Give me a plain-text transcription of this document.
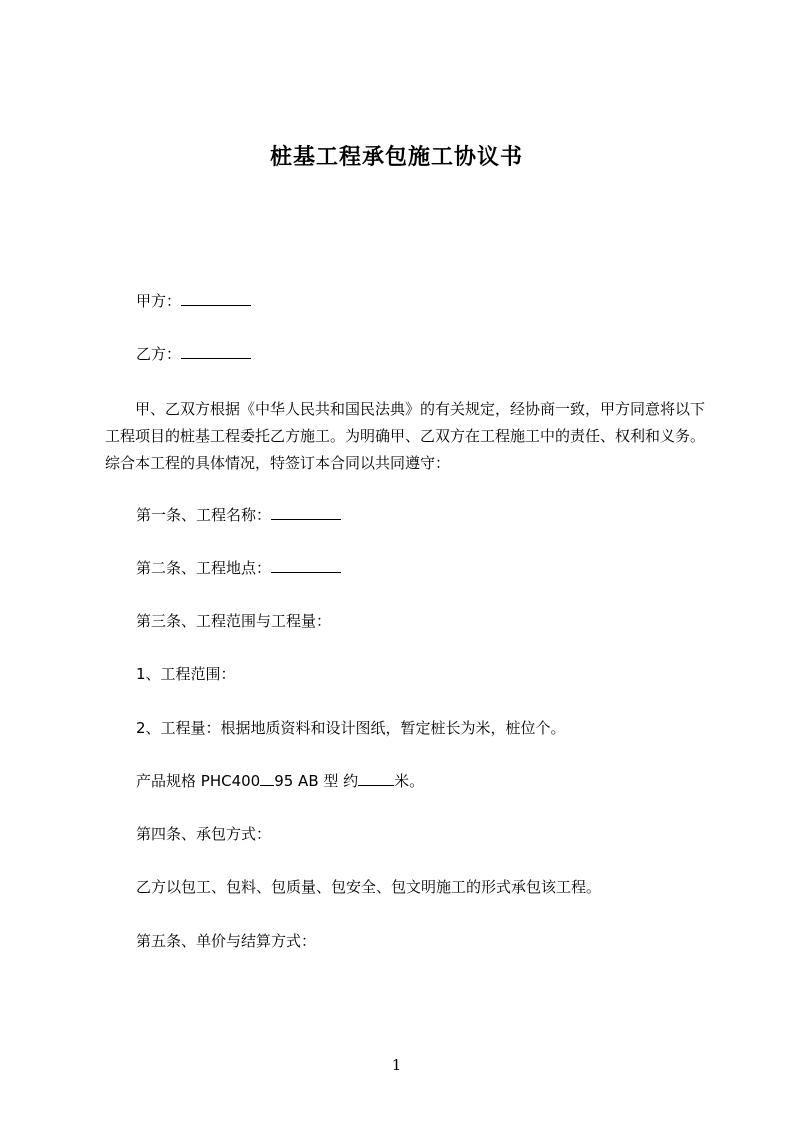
桩基工程承包施工协议书
甲方：
乙方：
甲、乙双方根据《中华人民共和国民法典》的有关规定，经协商一致，甲方同意将以下工程项目的桩基工程委托乙方施工。为明确甲、乙双方在工程施工中的责任、权利和义务。综合本工程的具体情况，特签订本合同以共同遵守：
第一条、工程名称：
第二条、工程地点：
第三条、工程范围与工程量：
1、工程范围：
2、工程量：根据地质资料和设计图纸，暂定桩长为米，桩位个。
产品规格 PHC400 95 AB 型 约 米。
第四条、承包方式：
乙方以包工、包料、包质量、包安全、包文明施工的形式承包该工程。
第五条、单价与结算方式：
1
